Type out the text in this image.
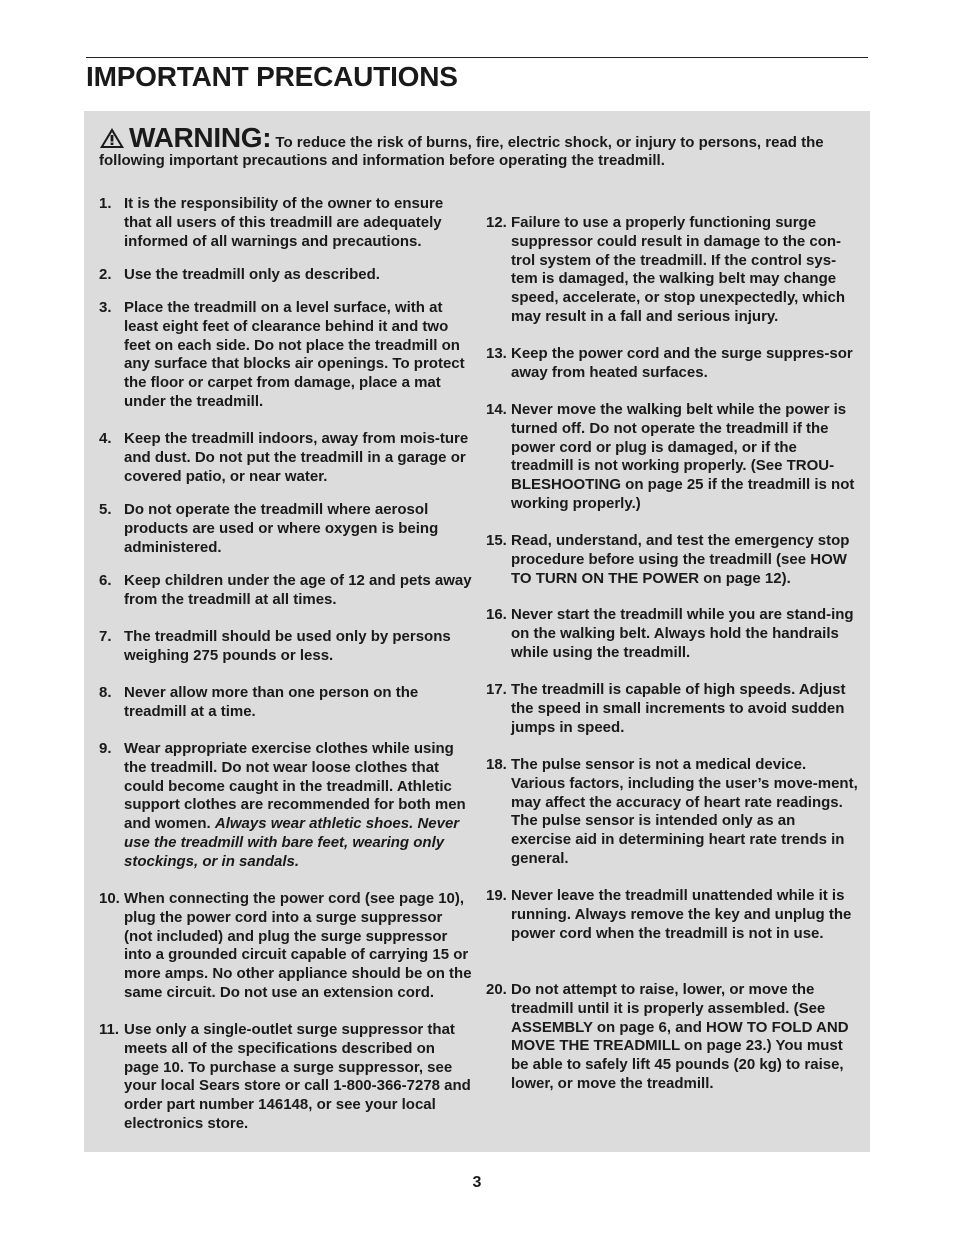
IMPORTANT PRECAUTIONS
WARNING: To reduce the risk of burns, fire, electric shock, or injury to persons, read the following important precautions and information before operating the treadmill.
1. It is the responsibility of the owner to ensure that all users of this treadmill are adequately informed of all warnings and precautions.
2. Use the treadmill only as described.
3. Place the treadmill on a level surface, with at least eight feet of clearance behind it and two feet on each side. Do not place the treadmill on any surface that blocks air openings. To protect the floor or carpet from damage, place a mat under the treadmill.
4. Keep the treadmill indoors, away from mois-ture and dust. Do not put the treadmill in a garage or covered patio, or near water.
5. Do not operate the treadmill where aerosol products are used or where oxygen is being administered.
6. Keep children under the age of 12 and pets away from the treadmill at all times.
7. The treadmill should be used only by persons weighing 275 pounds or less.
8. Never allow more than one person on the treadmill at a time.
9. Wear appropriate exercise clothes while using the treadmill. Do not wear loose clothes that could become caught in the treadmill. Athletic support clothes are recommended for both men and women. Always wear athletic shoes. Never use the treadmill with bare feet, wearing only stockings, or in sandals.
10. When connecting the power cord (see page 10), plug the power cord into a surge suppressor (not included) and plug the surge suppressor into a grounded circuit capable of carrying 15 or more amps. No other appliance should be on the same circuit. Do not use an extension cord.
11. Use only a single-outlet surge suppressor that meets all of the specifications described on page 10. To purchase a surge suppressor, see your local Sears store or call 1-800-366-7278 and order part number 146148, or see your local electronics store.
12. Failure to use a properly functioning surge suppressor could result in damage to the con-trol system of the treadmill. If the control sys-tem is damaged, the walking belt may change speed, accelerate, or stop unexpectedly, which may result in a fall and serious injury.
13. Keep the power cord and the surge suppres-sor away from heated surfaces.
14. Never move the walking belt while the power is turned off. Do not operate the treadmill if the power cord or plug is damaged, or if the treadmill is not working properly. (See TROU-BLESHOOTING on page 25 if the treadmill is not working properly.)
15. Read, understand, and test the emergency stop procedure before using the treadmill (see HOW TO TURN ON THE POWER on page 12).
16. Never start the treadmill while you are stand-ing on the walking belt. Always hold the handrails while using the treadmill.
17. The treadmill is capable of high speeds. Adjust the speed in small increments to avoid sudden jumps in speed.
18. The pulse sensor is not a medical device. Various factors, including the user’s move-ment, may affect the accuracy of heart rate readings. The pulse sensor is intended only as an exercise aid in determining heart rate trends in general.
19. Never leave the treadmill unattended while it is running. Always remove the key and unplug the power cord when the treadmill is not in use.
20. Do not attempt to raise, lower, or move the treadmill until it is properly assembled. (See ASSEMBLY on page 6, and HOW TO FOLD AND MOVE THE TREADMILL on page 23.) You must be able to safely lift 45 pounds (20 kg) to raise, lower, or move the treadmill.
3
